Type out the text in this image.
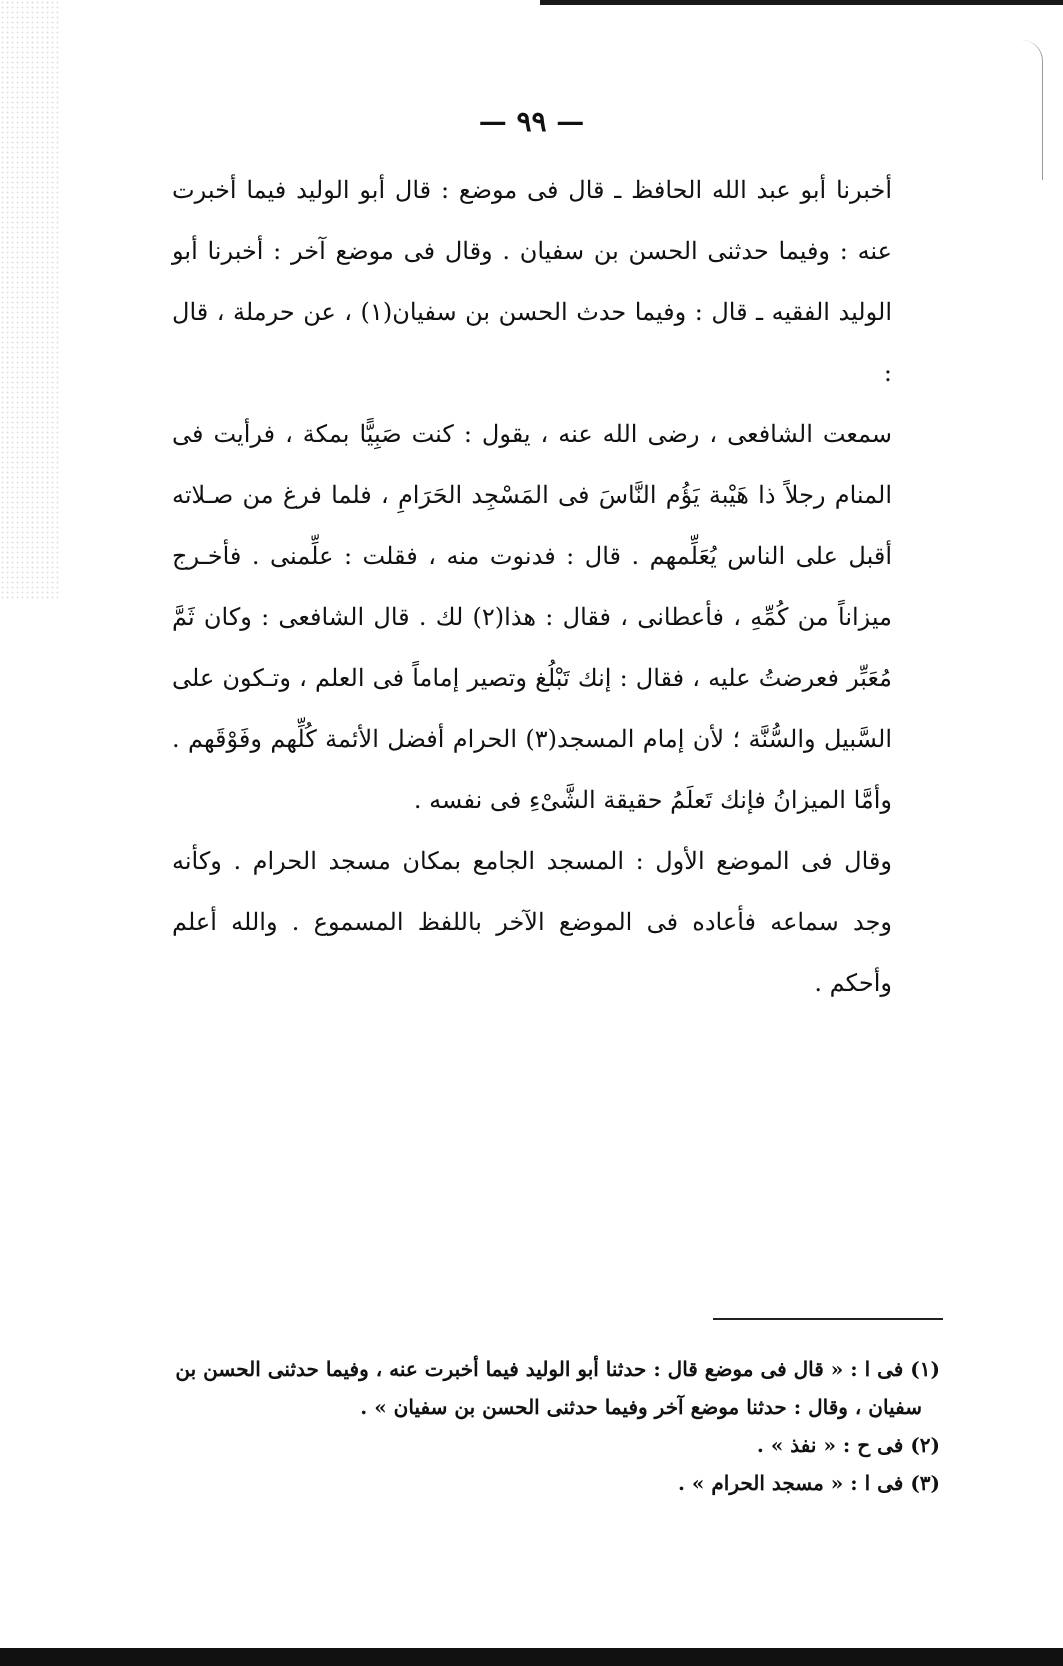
— ٩٩ —

أخبرنا أبو عبد الله الحافظ ـ قال فى موضع : قال أبو الوليد فيما أخبرت عنه : وفيما حدثنى الحسن بن سفيان . وقال فى موضع آخر : أخبرنا أبو الوليد الفقيه ـ قال : وفيما حدث الحسن بن سفيان(١) ، عن حرملة ، قال :

سمعت الشافعى ، رضى الله عنه ، يقول : كنت صَبِيًّا بمكة ، فرأيت فى المنام رجلاً ذا هَيْبة يَؤُم النَّاسَ فى المَسْجِد الحَرَامِ ، فلما فرغ من صـلاته أقبل على الناس يُعَلِّمهم . قال : فدنوت منه ، فقلت : علِّمنى . فأخـرج ميزاناً من كُمِّهِ ، فأعطانى ، فقال : هذا(٢) لك . قال الشافعى : وكان ثَمَّ مُعَبِّر فعرضتُ عليه ، فقال : إنك تَبْلُغ وتصير إماماً فى العلم ، وتـكون على السَّبيل والسُّنَّة ؛ لأن إمام المسجد(٣) الحرام أفضل الأئمة كُلِّهم وفَوْقَهم . وأمَّا الميزانُ فإنك تَعلَمُ حقيقة الشَّىْءِ فى نفسه .

وقال فى الموضع الأول : المسجد الجامع بمكان مسجد الحرام . وكأنه وجد سماعه فأعاده فى الموضع الآخر باللفظ المسموع . والله أعلم وأحكم .

(١) فى ا : « قال فى موضع قال : حدثنا أبو الوليد فيما أخبرت عنه ، وفيما حدثنى الحسن بن
سفيان ، وقال : حدثنا موضع آخر وفيما حدثنى الحسن بن سفيان » .

(٢) فى ح : « نفذ » .

(٣) فى ا : « مسجد الحرام » .
